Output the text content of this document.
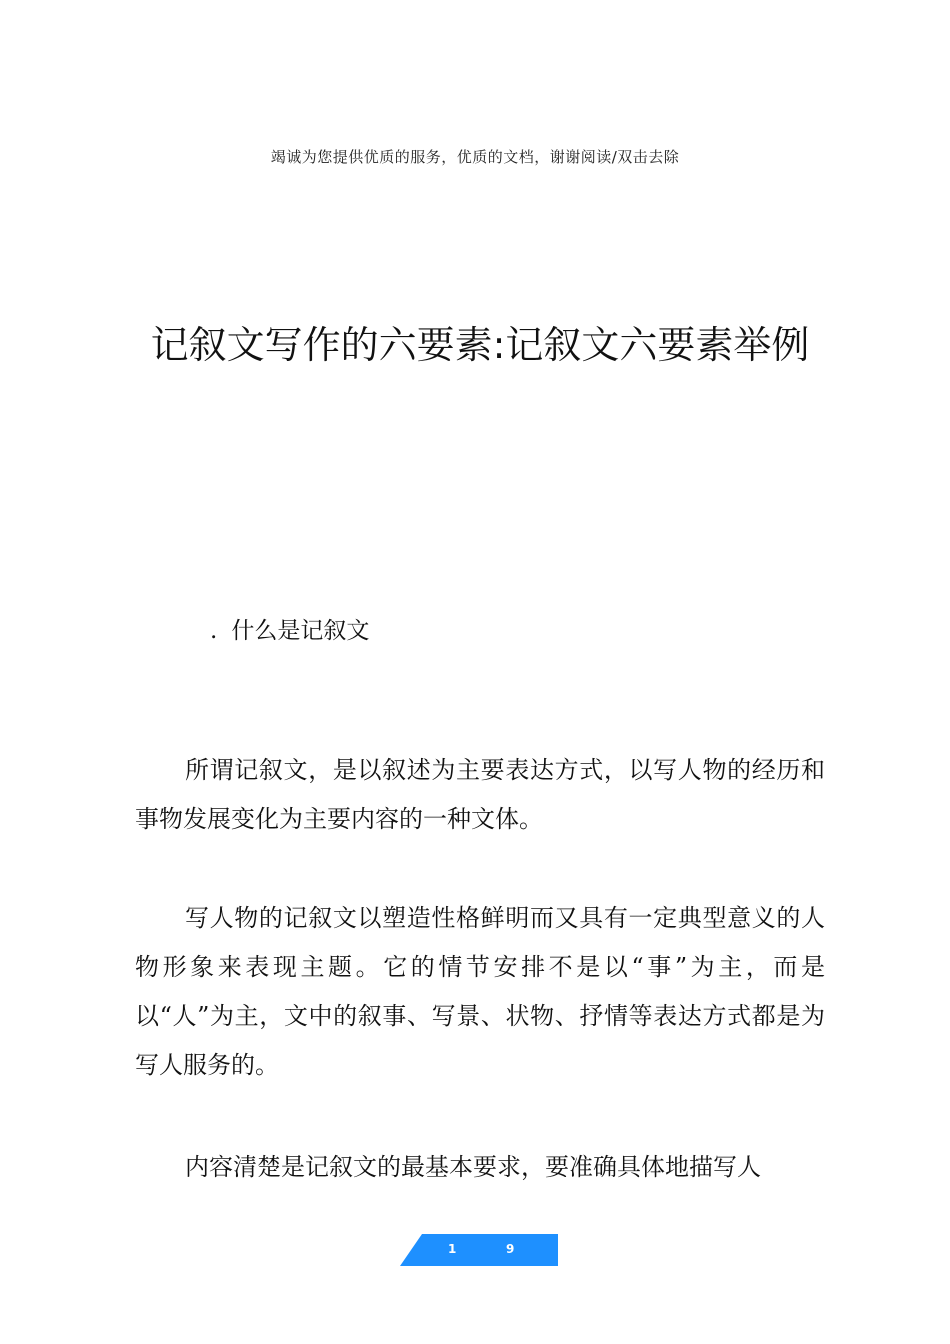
竭诚为您提供优质的服务，优质的文档，谢谢阅读/双击去除
记叙文写作的六要素:记叙文六要素举例
. 什么是记叙文

所谓记叙文，是以叙述为主要表达方式，以写人物的经历和事物发展变化为主要内容的一种文体。

写人物的记叙文以塑造性格鲜明而又具有一定典型意义的人物形象来表现主题。它的情节安排不是以“事”为主，而是以“人”为主，文中的叙事、写景、状物、抒情等表达方式都是为写人服务的。

内容清楚是记叙文的最基本要求，要准确具体地描写人

1	9
